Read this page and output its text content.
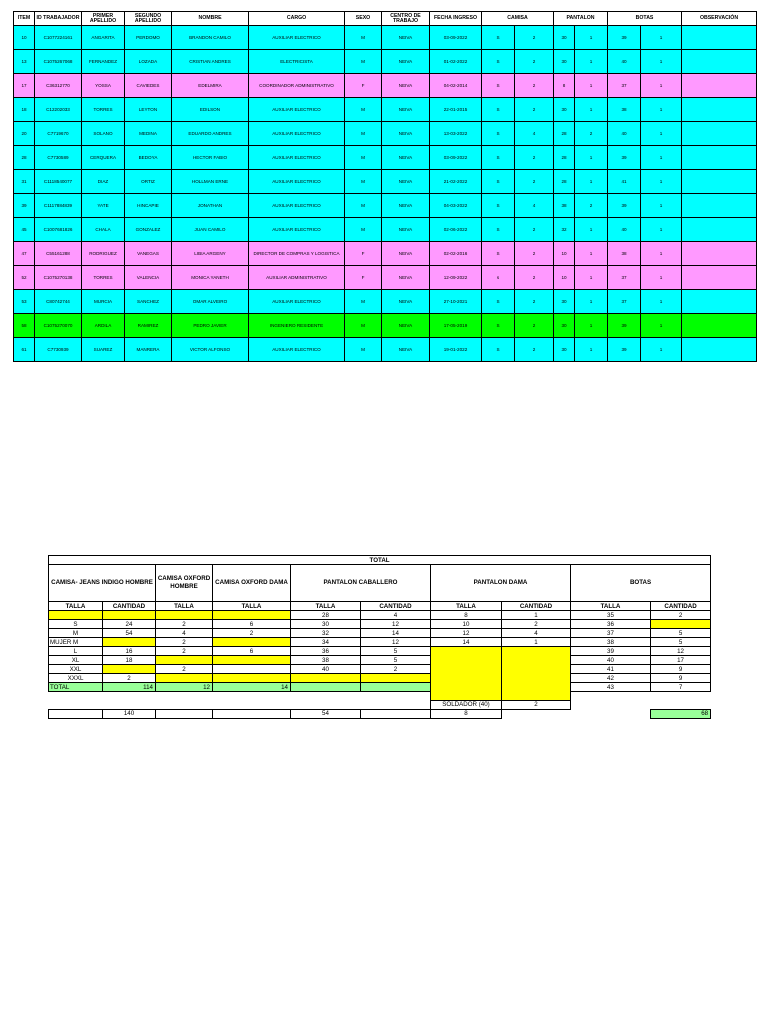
ITEM	ID TRABAJADOR	PRIMER APELLIDO	SEGUNDO APELLIDO	NOMBRE	CARGO	SEXO	CENTRO DE TRABAJO	FECHA INGRESO	CAMISA		PANTALON		BOTAS		OBSERVACIÓN
10	C1077224161	ANGARITA	PERDOMO	BRANDON CAMILO	AUXILIAR ELECTRICO	M	NEIVA	03-09-2022	S	2	30	1	39	1	
13	C1075267068	FERNANDEZ	LOZADA	CRISTIAN ANDRES	ELECTRICISTA	M	NEIVA	01-02-2022	S	2	30	1	40	1	
17	C36312770	YOSSA	CAVIEDES	EDELMIRA	COORDINADOR ADMINISTRATIVO	F	NEIVA	04-02-2014	S	2	8	1	37	1	
18	C12202033	TORRES	LEYTON	EDILSON	AUXILIAR ELECTRICO	M	NEIVA	22-01-2015	S	2	30	1	38	1	
20	C7719670	SOLANO	MEDINA	EDUARDO ANDRES	AUXILIAR ELECTRICO	M	NEIVA	13-03-2022	S	4	28	2	40	1	
28	C7730589	CERQUERA	BEDOYA	HECTOR FABIO	AUXILIAR ELECTRICO	M	NEIVA	03-09-2022	S	2	28	1	39	1	
31	C1118540077	DIAZ	ORTIZ	HOLLMAN ERNE	AUXILIAR ELECTRICO	M	NEIVA	21-02-2022	S	2	28	1	41	1	
39	C1117884839	YATE	HINCAPIE	JONATHAN	AUXILIAR ELECTRICO	M	NEIVA	04-03-2022	S	4	38	2	39	1	
45	C1007681826	CHALA	GONZALEZ	JUAN CAMILO	AUXILIAR ELECTRICO	M	NEIVA	02-06-2022	S	2	32	1	40	1	
47	C55161288	RODRIGUEZ	VANEGAS	LIBIA ARGENY	DIRECTOR DE COMPRAS Y LOGISTICA	F	NEIVA	02-02-2016	S	2	10	1	38	1	
52	C1075270138	TORRES	VALENCIA	MONICA YANETH	AUXILIAR ADMINISTRATIVO	F	NEIVA	12-09-2022	s	2	10	1	37	1	
53	C80742744	MURCIA	SANCHEZ	OMAR ALVEIRO	AUXILIAR ELECTRICO	M	NEIVA	27-10-2021	S	2	30	1	37	1	
58	C1075270070	ARDILA	RAMIREZ	PEDRO JAVIER	INGENIERO RESIDENTE	M	NEIVA	17-05-2019	S	2	30	1	39	1	
61	C7730939	SUAREZ	MANRERA	VICTOR ALFONSO	AUXILIAR ELECTRICO	M	NEIVA	19-01-2022	S	2	30	1	39	1	
TOTAL									
CAMISA- JEANS INDIGO HOMBRE		CAMISA OXFORD HOMBRE	CAMISA OXFORD DAMA	PANTALON CABALLERO		PANTALON DAMA		BOTAS	
TALLA	CANTIDAD	TALLA	TALLA	TALLA	CANTIDAD	TALLA	CANTIDAD	TALLA	CANTIDAD
				28	4	8	1	35	2
S	24	2	6	30	12	10	2	36	
M	54	4	2	32	14	12	4	37	5
MUJER M		2		34	12	14	1	38	5
L	16	2	6	36	5			39	12
XL	18			38	5			40	17
XXL		2		40	2			41	9
XXXL	2							42	9
TOTAL	114	12	14					43	7

						SOLDADOR (40)	2		
	140			54		8			68
